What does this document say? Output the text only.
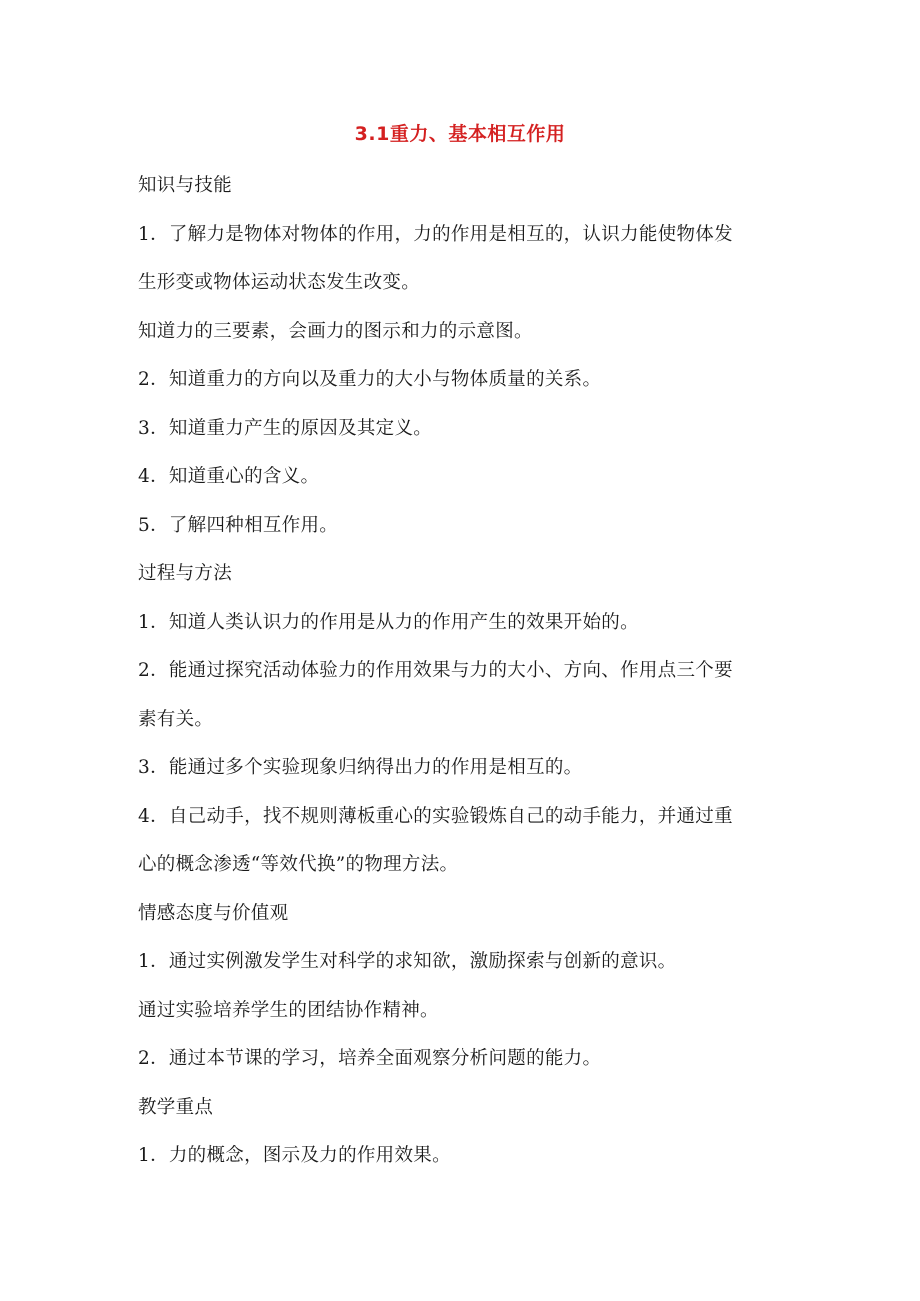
3.1重力、基本相互作用
知识与技能
1．了解力是物体对物体的作用，力的作用是相互的，认识力能使物体发
生形变或物体运动状态发生改变。
知道力的三要素，会画力的图示和力的示意图。
2．知道重力的方向以及重力的大小与物体质量的关系。
3．知道重力产生的原因及其定义。
4．知道重心的含义。
5．了解四种相互作用。
过程与方法
1．知道人类认识力的作用是从力的作用产生的效果开始的。
2．能通过探究活动体验力的作用效果与力的大小、方向、作用点三个要
素有关。
3．能通过多个实验现象归纳得出力的作用是相互的。
4．自己动手，找不规则薄板重心的实验锻炼自己的动手能力，并通过重
心的概念渗透“等效代换”的物理方法。
情感态度与价值观
1．通过实例激发学生对科学的求知欲，激励探索与创新的意识。
通过实验培养学生的团结协作精神。
2．通过本节课的学习，培养全面观察分析问题的能力。
教学重点
1．力的概念，图示及力的作用效果。
